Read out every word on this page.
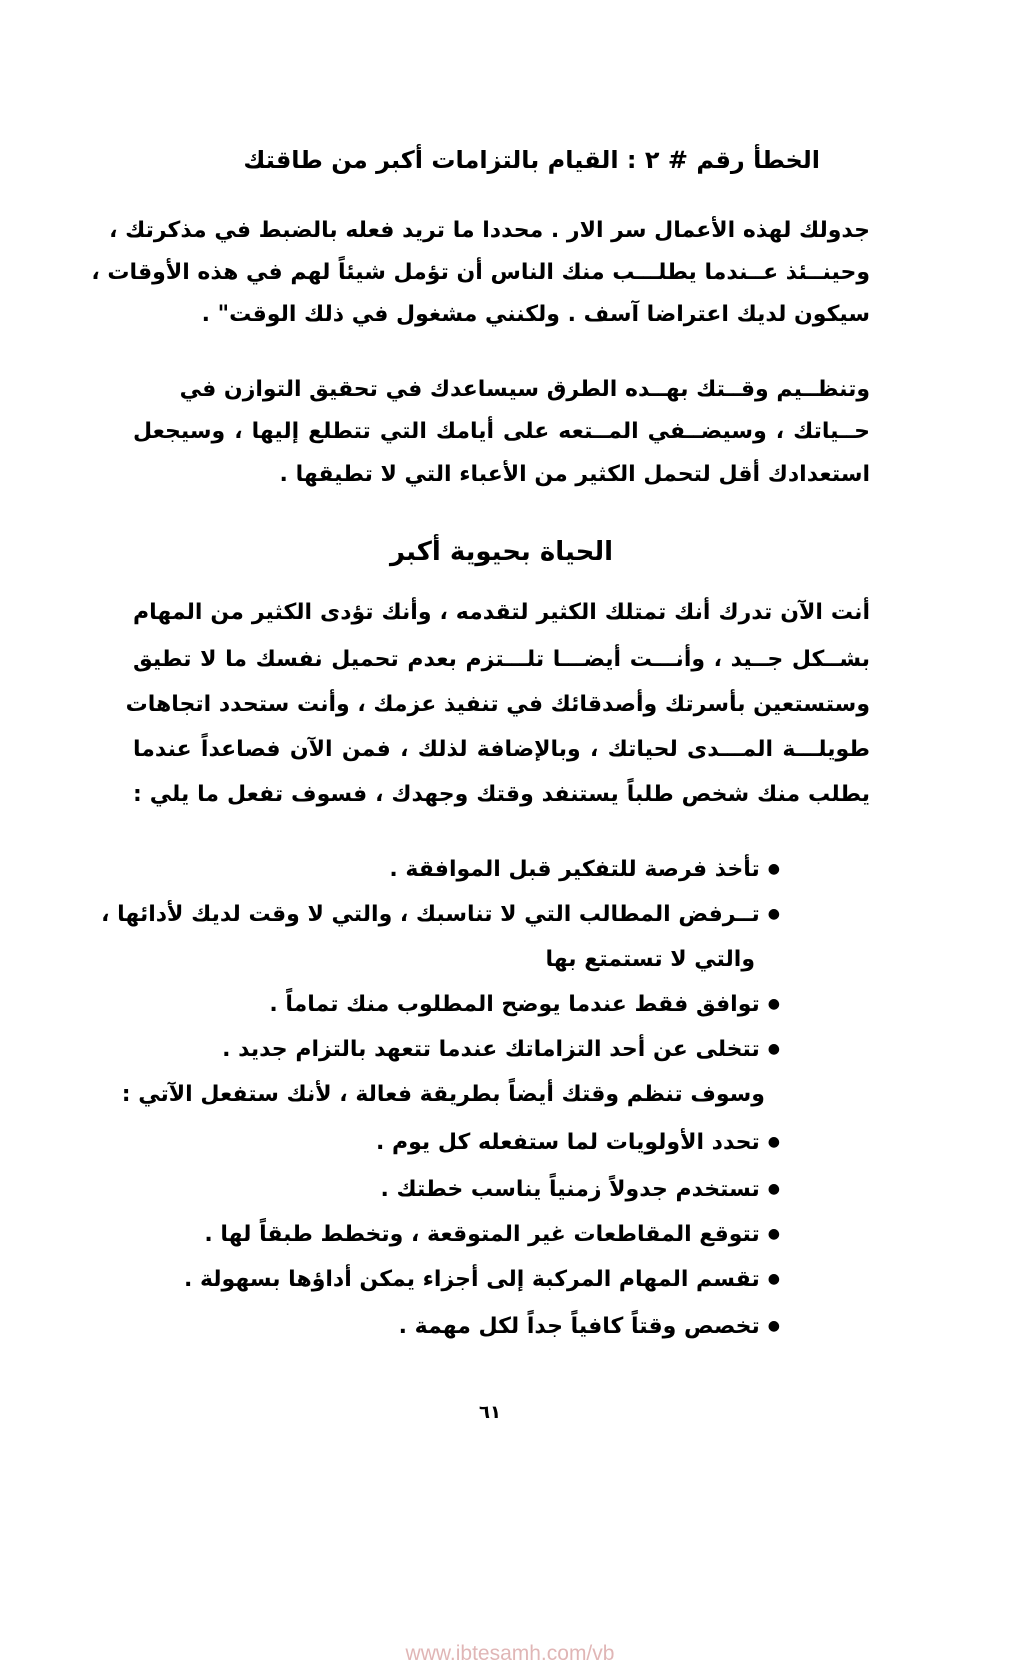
الخطأ رقم # ٢ : القيام بالتزامات أكبر من طاقتك
جدولك لهذه الأعمال سر الار . محددا ما تريد فعله بالضبط في مذكرتك ،
وحينــئذ عــندما يطلـــب منك الناس أن تؤمل شيئاً لهم في هذه الأوقات ،
سيكون لديك اعتراضا آسف . ولكنني مشغول في ذلك الوقت" .
وتنظــيم وقــتك بهــده الطرق سيساعدك في تحقيق التوازن في
حــياتك ، وسيضــفي المــتعه على أيامك التي تتطلع إليها ، وسيجعل
استعدادك أقل لتحمل الكثير من الأعباء التي لا تطيقها .
الحياة بحيوية أكبر
أنت الآن تدرك أنك تمتلك الكثير لتقدمه ، وأنك تؤدى الكثير من المهام
بشــكل جــيد ، وأنـــت أيضـــا تلـــتزم بعدم تحميل نفسك ما لا تطيق
وستستعين بأسرتك وأصدقائك في تنفيذ عزمك ، وأنت ستحدد اتجاهات
طويلـــة المـــدى لحياتك ، وبالإضافة لذلك ، فمن الآن فصاعداً عندما
يطلب منك شخص طلباً يستنفد وقتك وجهدك ، فسوف تفعل ما يلي :
● تأخذ فرصة للتفكير قبل الموافقة .
● تــرفض المطالب التي لا تناسبك ، والتي لا وقت لديك لأدائها ،
والتي لا تستمتع بها
● توافق فقط عندما يوضح المطلوب منك تماماً .
● تتخلى عن أحد التزاماتك عندما تتعهد بالتزام جديد .
وسوف تنظم وقتك أيضاً بطريقة فعالة ، لأنك ستفعل الآتي :
● تحدد الأولويات لما ستفعله كل يوم .
● تستخدم جدولاً زمنياً يناسب خطتك .
● تتوقع المقاطعات غير المتوقعة ، وتخطط طبقاً لها .
● تقسم المهام المركبة إلى أجزاء يمكن أداؤها بسهولة .
● تخصص وقتاً كافياً جداً لكل مهمة .
٦١
www.ibtesamh.com/vb
